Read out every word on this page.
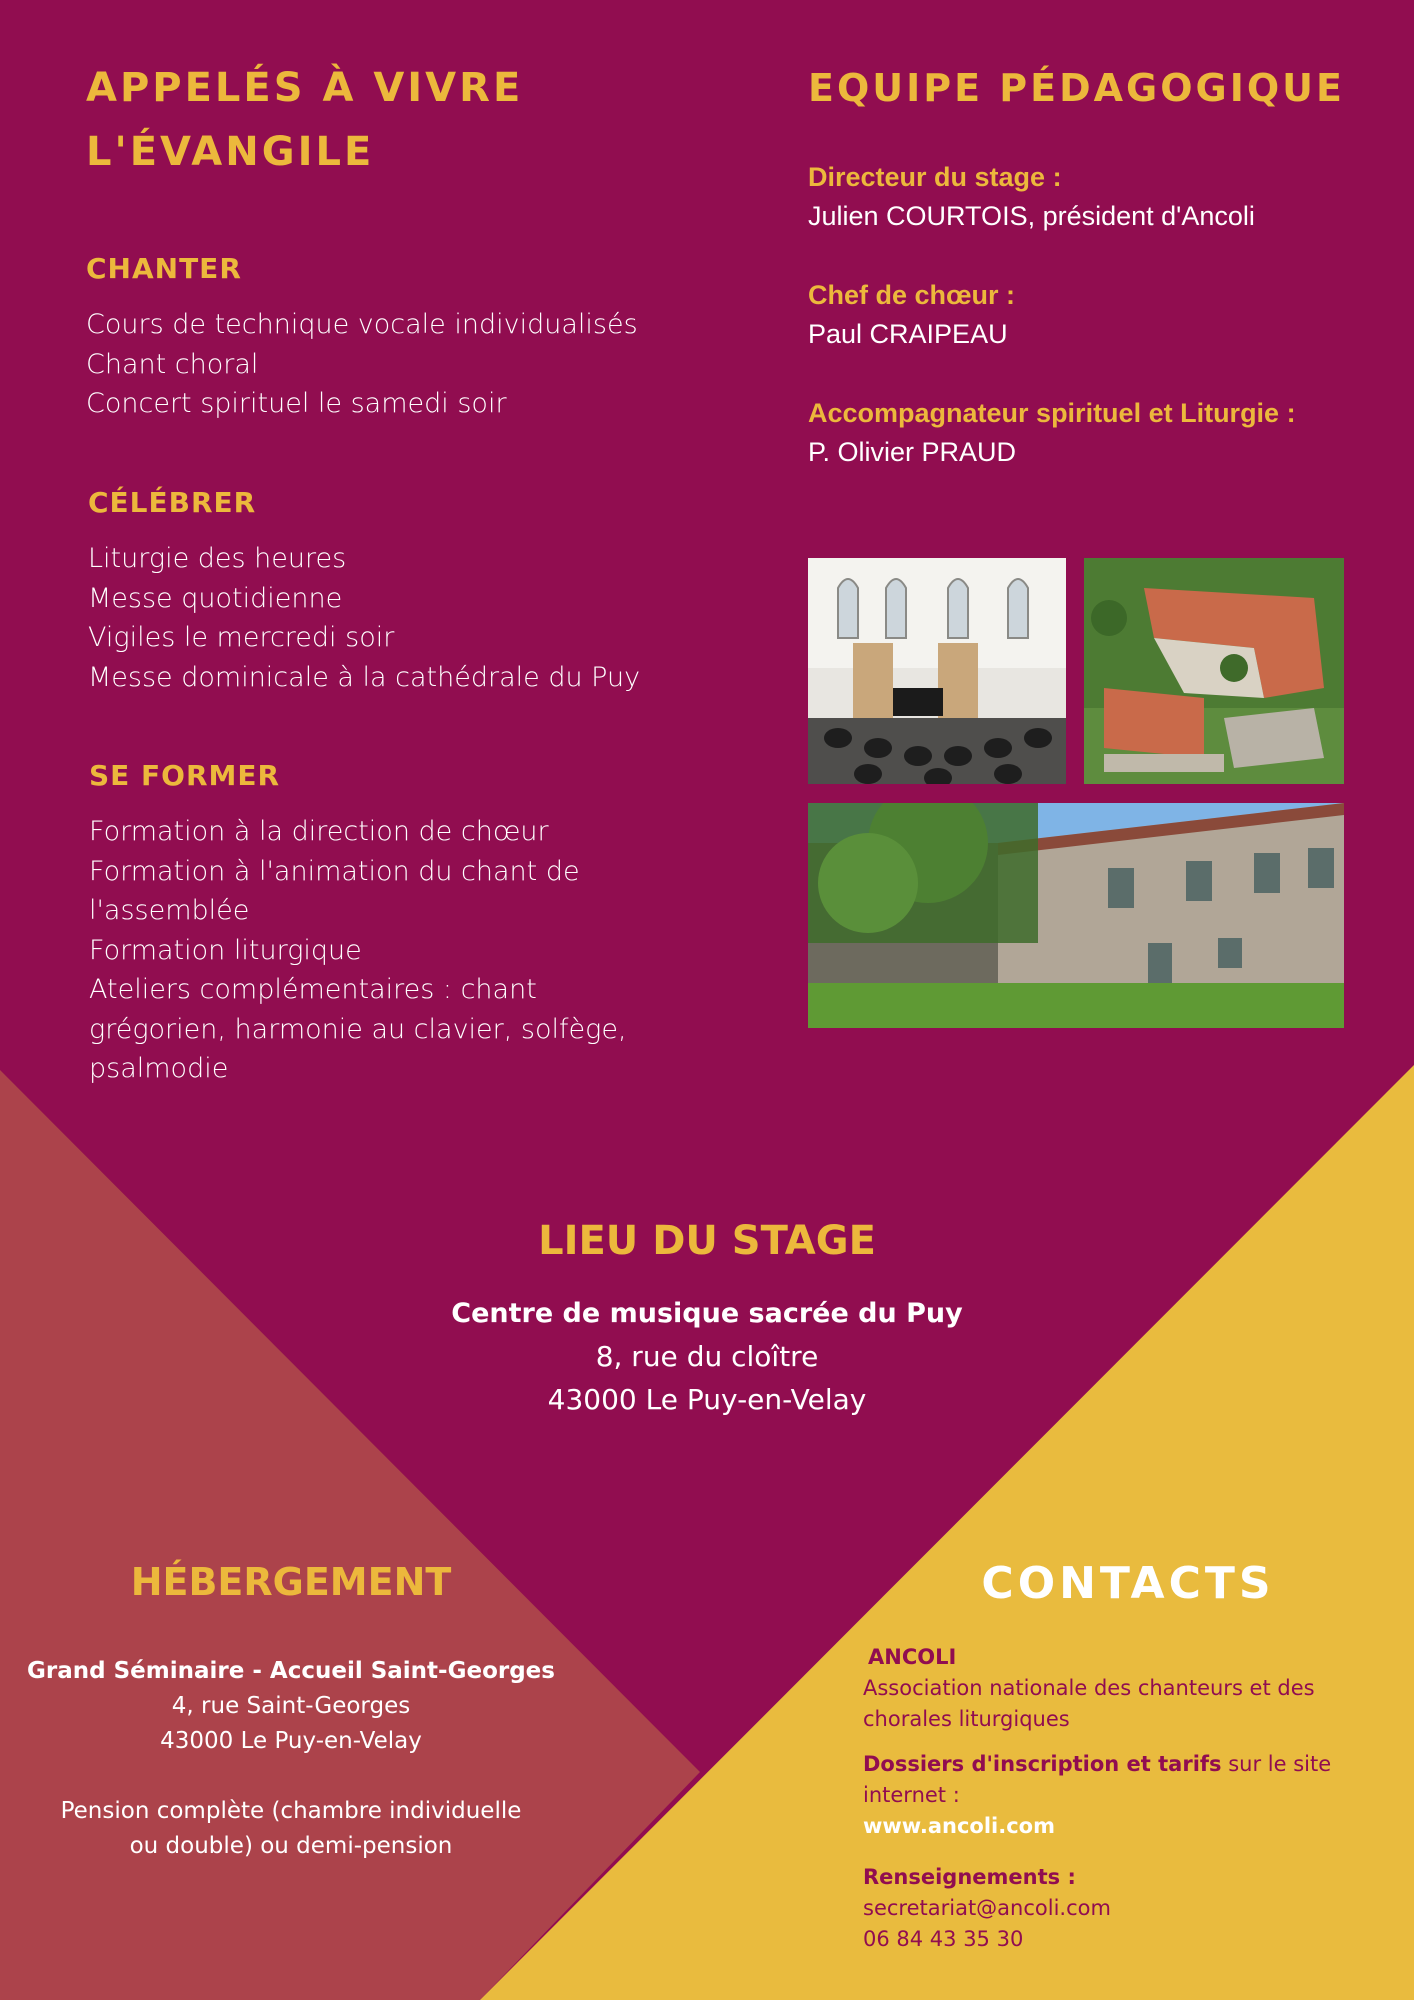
APPELÉS À VIVRE
L'ÉVANGILE
CHANTER
Cours de technique vocale individualisés
Chant choral
Concert spirituel le samedi soir
CÉLÉBRER
Liturgie des heures
Messe quotidienne
Vigiles le mercredi soir
Messe dominicale à la cathédrale du Puy
SE FORMER
Formation à la direction de chœur
Formation à l'animation du chant de
l'assemblée
Formation liturgique
Ateliers complémentaires : chant
grégorien, harmonie au clavier, solfège,
psalmodie
EQUIPE PÉDAGOGIQUE
Directeur du stage :
Julien COURTOIS, président d'Ancoli
Chef de chœur :
Paul CRAIPEAU
Accompagnateur spirituel et Liturgie :
P. Olivier PRAUD
LIEU DU STAGE
Centre de musique sacrée du Puy
8, rue du cloître
43000 Le Puy-en-Velay
HÉBERGEMENT
Grand Séminaire - Accueil Saint-Georges
4, rue Saint-Georges
43000 Le Puy-en-Velay
Pension complète (chambre individuelle
ou double) ou demi-pension
CONTACTS
ANCOLI
Association nationale des chanteurs et des
chorales liturgiques
Dossiers d'inscription et tarifs sur le site internet :
www.ancoli.com
Renseignements :
secretariat@ancoli.com
06 84 43 35 30
